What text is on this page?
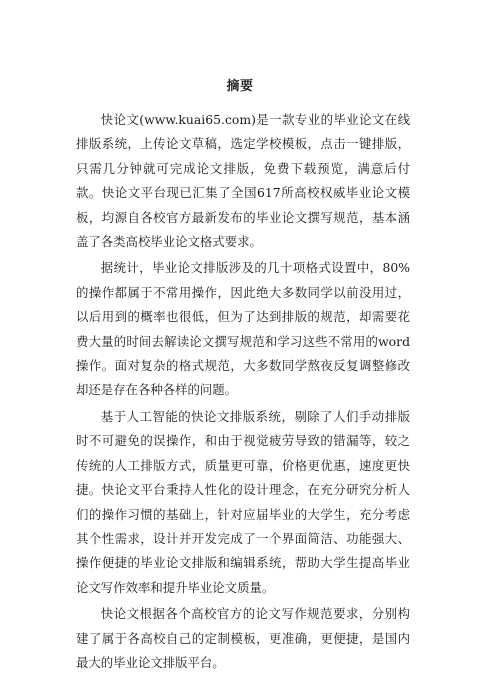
摘要

快论文(www.kuai65.com)是一款专业的毕业论文在线排版系统，上传论文草稿，选定学校模板，点击一键排版，只需几分钟就可完成论文排版，免费下载预览，满意后付款。快论文平台现已汇集了全国617所高校权威毕业论文模板，均源自各校官方最新发布的毕业论文撰写规范，基本涵盖了各类高校毕业论文格式要求。

据统计，毕业论文排版涉及的几十项格式设置中，80%的操作都属于不常用操作，因此绝大多数同学以前没用过，以后用到的概率也很低，但为了达到排版的规范，却需要花费大量的时间去解读论文撰写规范和学习这些不常用的word操作。面对复杂的格式规范，大多数同学熬夜反复调整修改却还是存在各种各样的问题。

基于人工智能的快论文排版系统，剔除了人们手动排版时不可避免的误操作，和由于视觉疲劳导致的错漏等，较之传统的人工排版方式，质量更可靠，价格更优惠，速度更快捷。快论文平台秉持人性化的设计理念，在充分研究分析人们的操作习惯的基础上，针对应届毕业的大学生，充分考虑其个性需求，设计并开发完成了一个界面简洁、功能强大、操作便捷的毕业论文排版和编辑系统，帮助大学生提高毕业论文写作效率和提升毕业论文质量。

快论文根据各个高校官方的论文写作规范要求，分别构建了属于各高校自己的定制模板，更准确，更便捷，是国内最大的毕业论文排版平台。
